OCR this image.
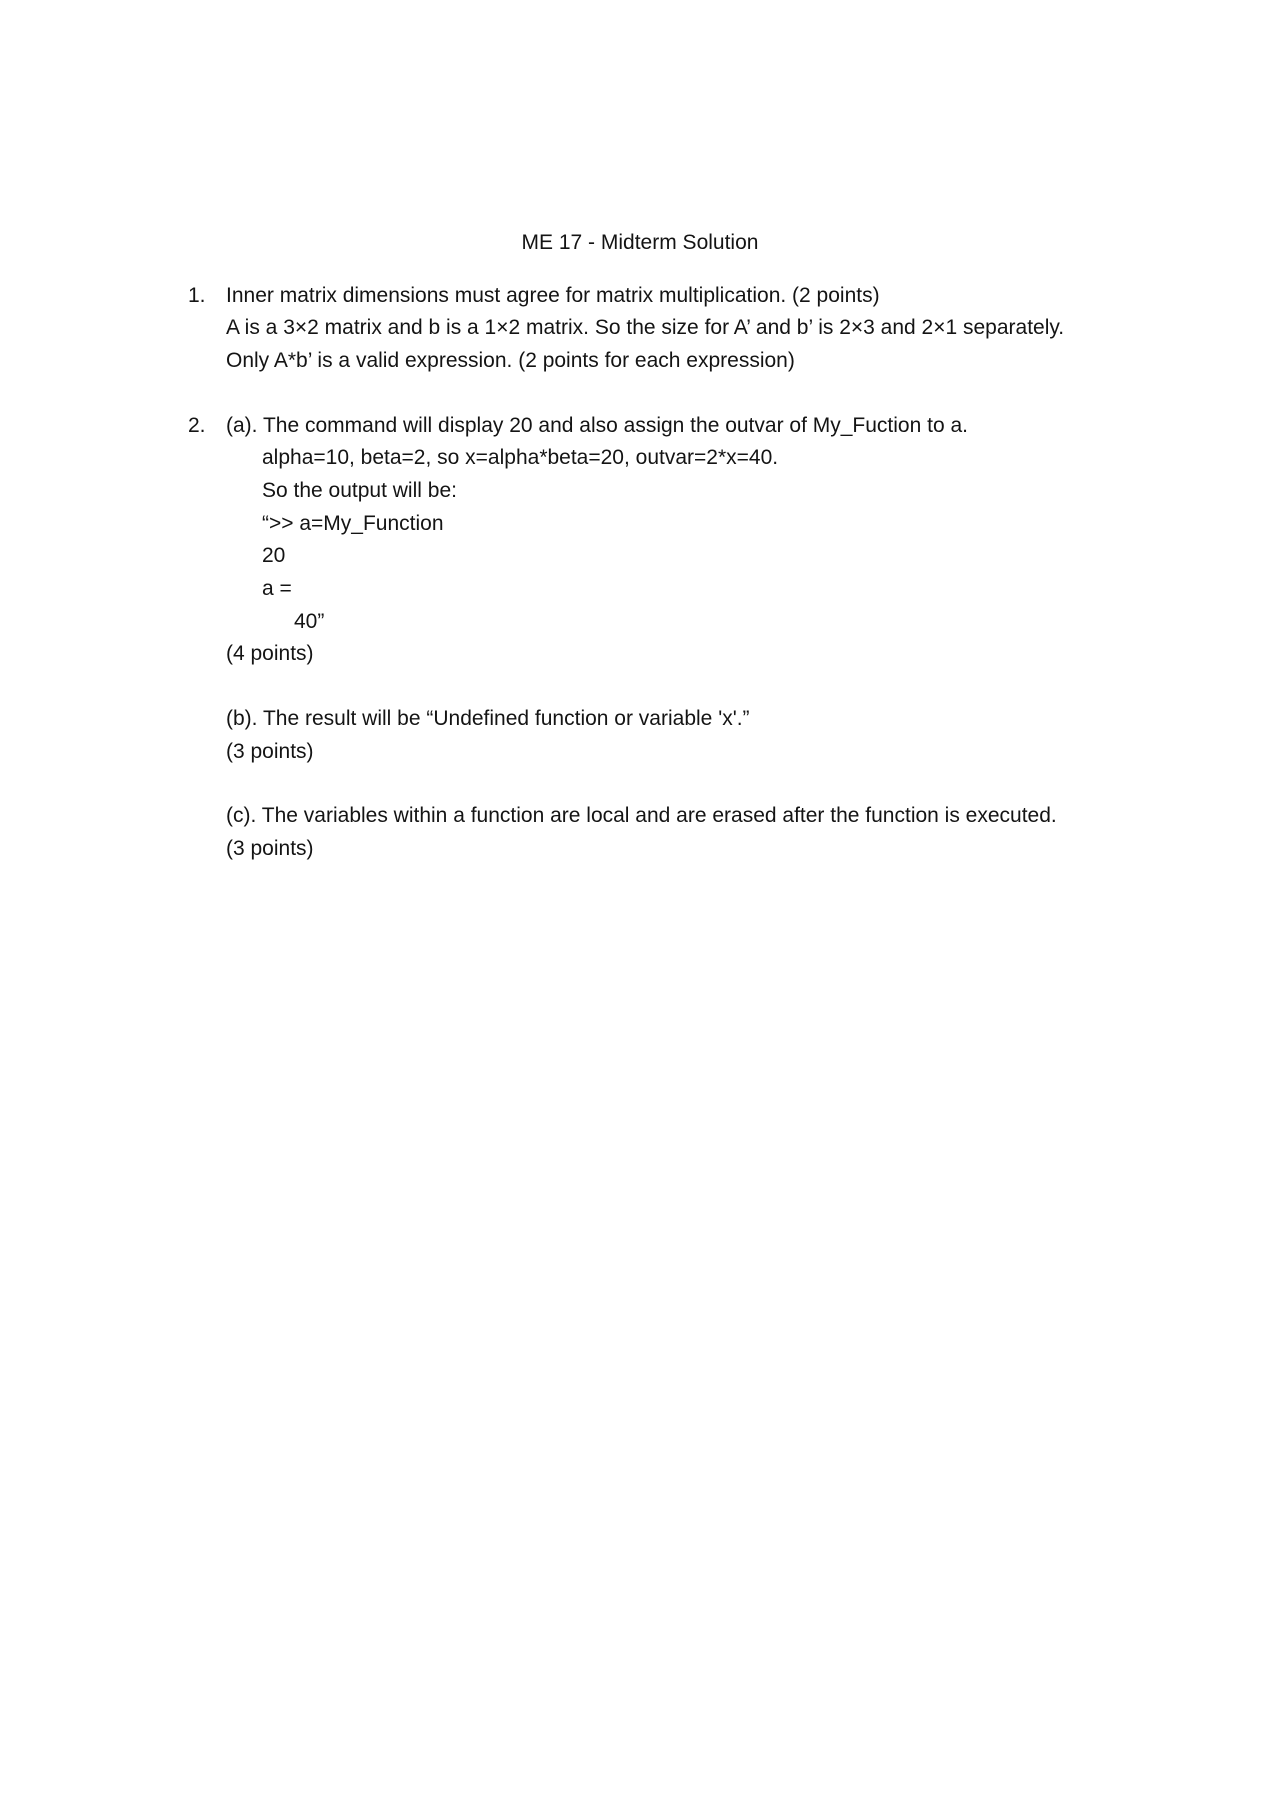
ME 17 - Midterm Solution
1. Inner matrix dimensions must agree for matrix multiplication. (2 points)
A is a 3×2 matrix and b is a 1×2 matrix. So the size for A’ and b’ is 2×3 and 2×1 separately.
Only A*b’ is a valid expression. (2 points for each expression)
2. (a). The command will display 20 and also assign the outvar of My_Fuction to a.
alpha=10, beta=2, so x=alpha*beta=20, outvar=2*x=40.
So the output will be:
“>> a=My_Function
20
a =
40”
(4 points)
(b). The result will be “Undefined function or variable 'x'.”
(3 points)
(c). The variables within a function are local and are erased after the function is executed.
(3 points)
